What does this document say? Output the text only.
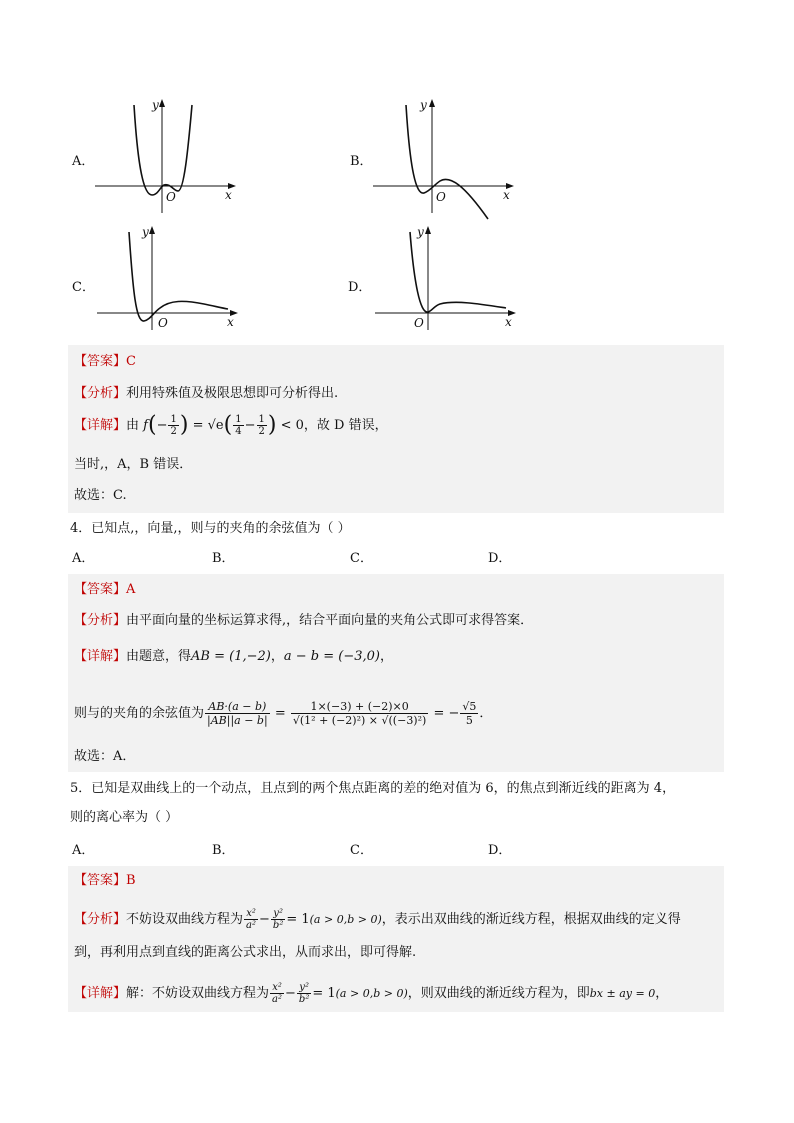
A．
y
x
O
B．
y
x
O
C．
y
x
O
D．
y
x
O
【答案】C
【分析】利用特殊值及极限思想即可分析得出.
【详解】由 $f(- \frac{1}{2}$ ) = $√e( \frac{1}{4} - \frac{1}{2}$ ) < 0，故 D 错误，
当时,，A，B 错误．
故选：C.
4．已知点,，向量,，则与的夹角的余弦值为（ ）
A．	B．	C．	D．
【答案】A
【分析】由平面向量的坐标运算求得,，结合平面向量的夹角公式即可求得答案．
【详解】由题意，得AB = (1,−2)，a − b = (−3,0)，
则与的夹角的余弦值为 $\frac{AB\cdot(a - b)}{|AB||a - b|} = \frac{1\times(-3) + (-2)\times 0}{\text{√(1² + (−2)²) × √((−3)²)}}$ = − $\frac{√5}{5}$ ．
故选：A．
5．已知是双曲线上的一个动点，且点到的两个焦点距离的差的绝对值为 6，的焦点到渐近线的距离为 4，
则的离心率为（ ）
A．	B．	C．	D．
【答案】B
【分析】不妨设双曲线方程为 $\frac{\text{x²}}{\text{a²}} - \frac{\text{y²}}{\text{b²}} = 1(a > 0,b > 0)$，表示出双曲线的渐近线方程，根据双曲线的定义得
到，再利用点到直线的距离公式求出，从而求出，即可得解.
【详解】解：不妨设双曲线方程为 $\frac{\text{x²}}{\text{a²}} - \frac{\text{y²}}{\text{b²}} = 1(a > 0,b > 0)$，则双曲线的渐近线方程为，即bx ± ay = 0，
